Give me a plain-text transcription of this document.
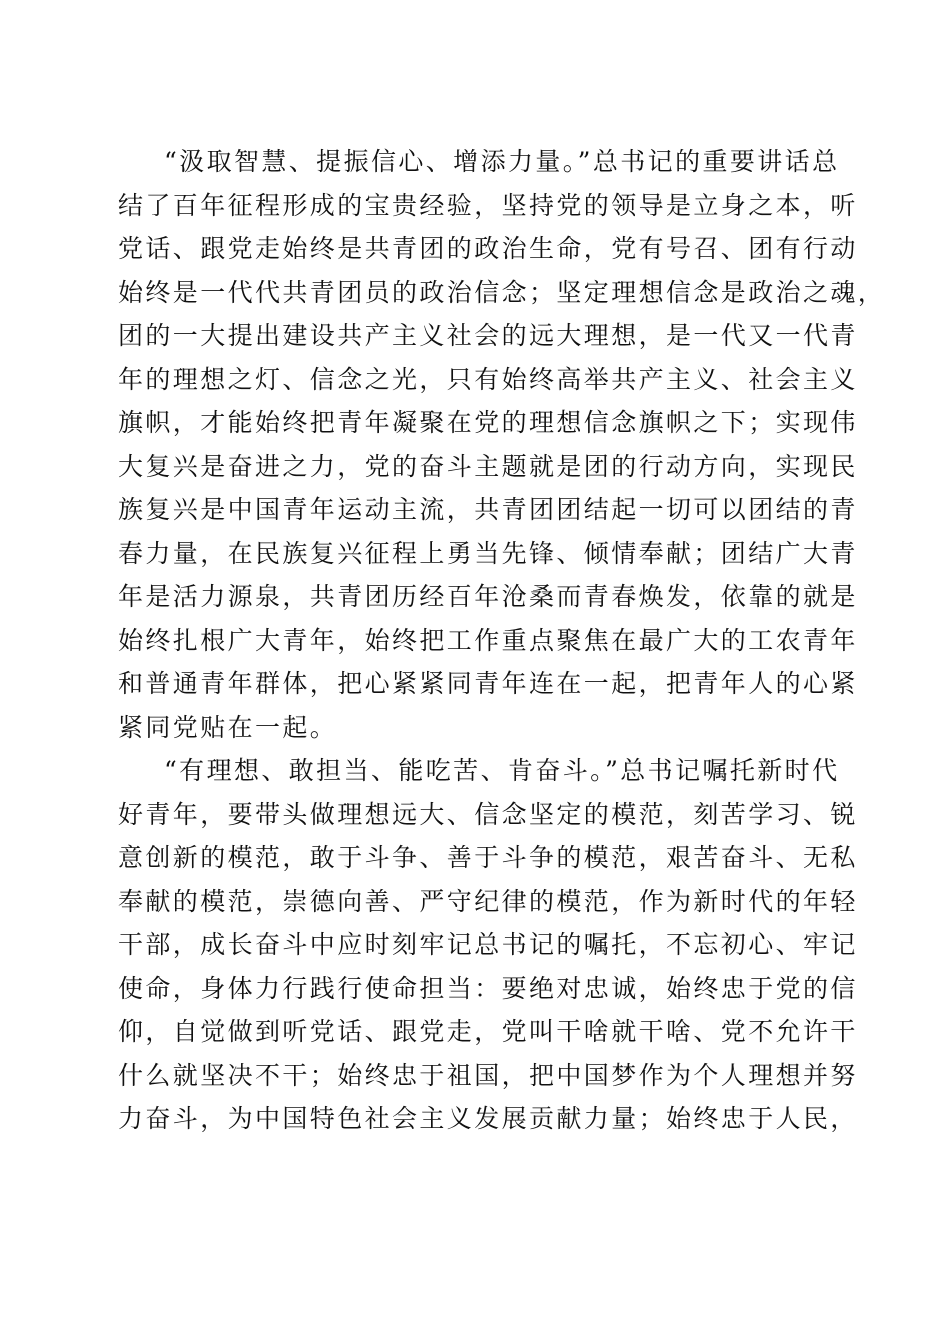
“汲取智慧、提振信心、增添力量。”总书记的重要讲话总
结了百年征程形成的宝贵经验，坚持党的领导是立身之本，听
党话、跟党走始终是共青团的政治生命，党有号召、团有行动
始终是一代代共青团员的政治信念；坚定理想信念是政治之魂，
团的一大提出建设共产主义社会的远大理想，是一代又一代青
年的理想之灯、信念之光，只有始终高举共产主义、社会主义
旗帜，才能始终把青年凝聚在党的理想信念旗帜之下；实现伟
大复兴是奋进之力，党的奋斗主题就是团的行动方向，实现民
族复兴是中国青年运动主流，共青团团结起一切可以团结的青
春力量，在民族复兴征程上勇当先锋、倾情奉献；团结广大青
年是活力源泉，共青团历经百年沧桑而青春焕发，依靠的就是
始终扎根广大青年，始终把工作重点聚焦在最广大的工农青年
和普通青年群体，把心紧紧同青年连在一起，把青年人的心紧
紧同党贴在一起。
“有理想、敢担当、能吃苦、肯奋斗。”总书记嘱托新时代
好青年，要带头做理想远大、信念坚定的模范，刻苦学习、锐
意创新的模范，敢于斗争、善于斗争的模范，艰苦奋斗、无私
奉献的模范，崇德向善、严守纪律的模范，作为新时代的年轻
干部，成长奋斗中应时刻牢记总书记的嘱托，不忘初心、牢记
使命，身体力行践行使命担当：要绝对忠诚，始终忠于党的信
仰，自觉做到听党话、跟党走，党叫干啥就干啥、党不允许干
什么就坚决不干；始终忠于祖国，把中国梦作为个人理想并努
力奋斗，为中国特色社会主义发展贡献力量；始终忠于人民，
